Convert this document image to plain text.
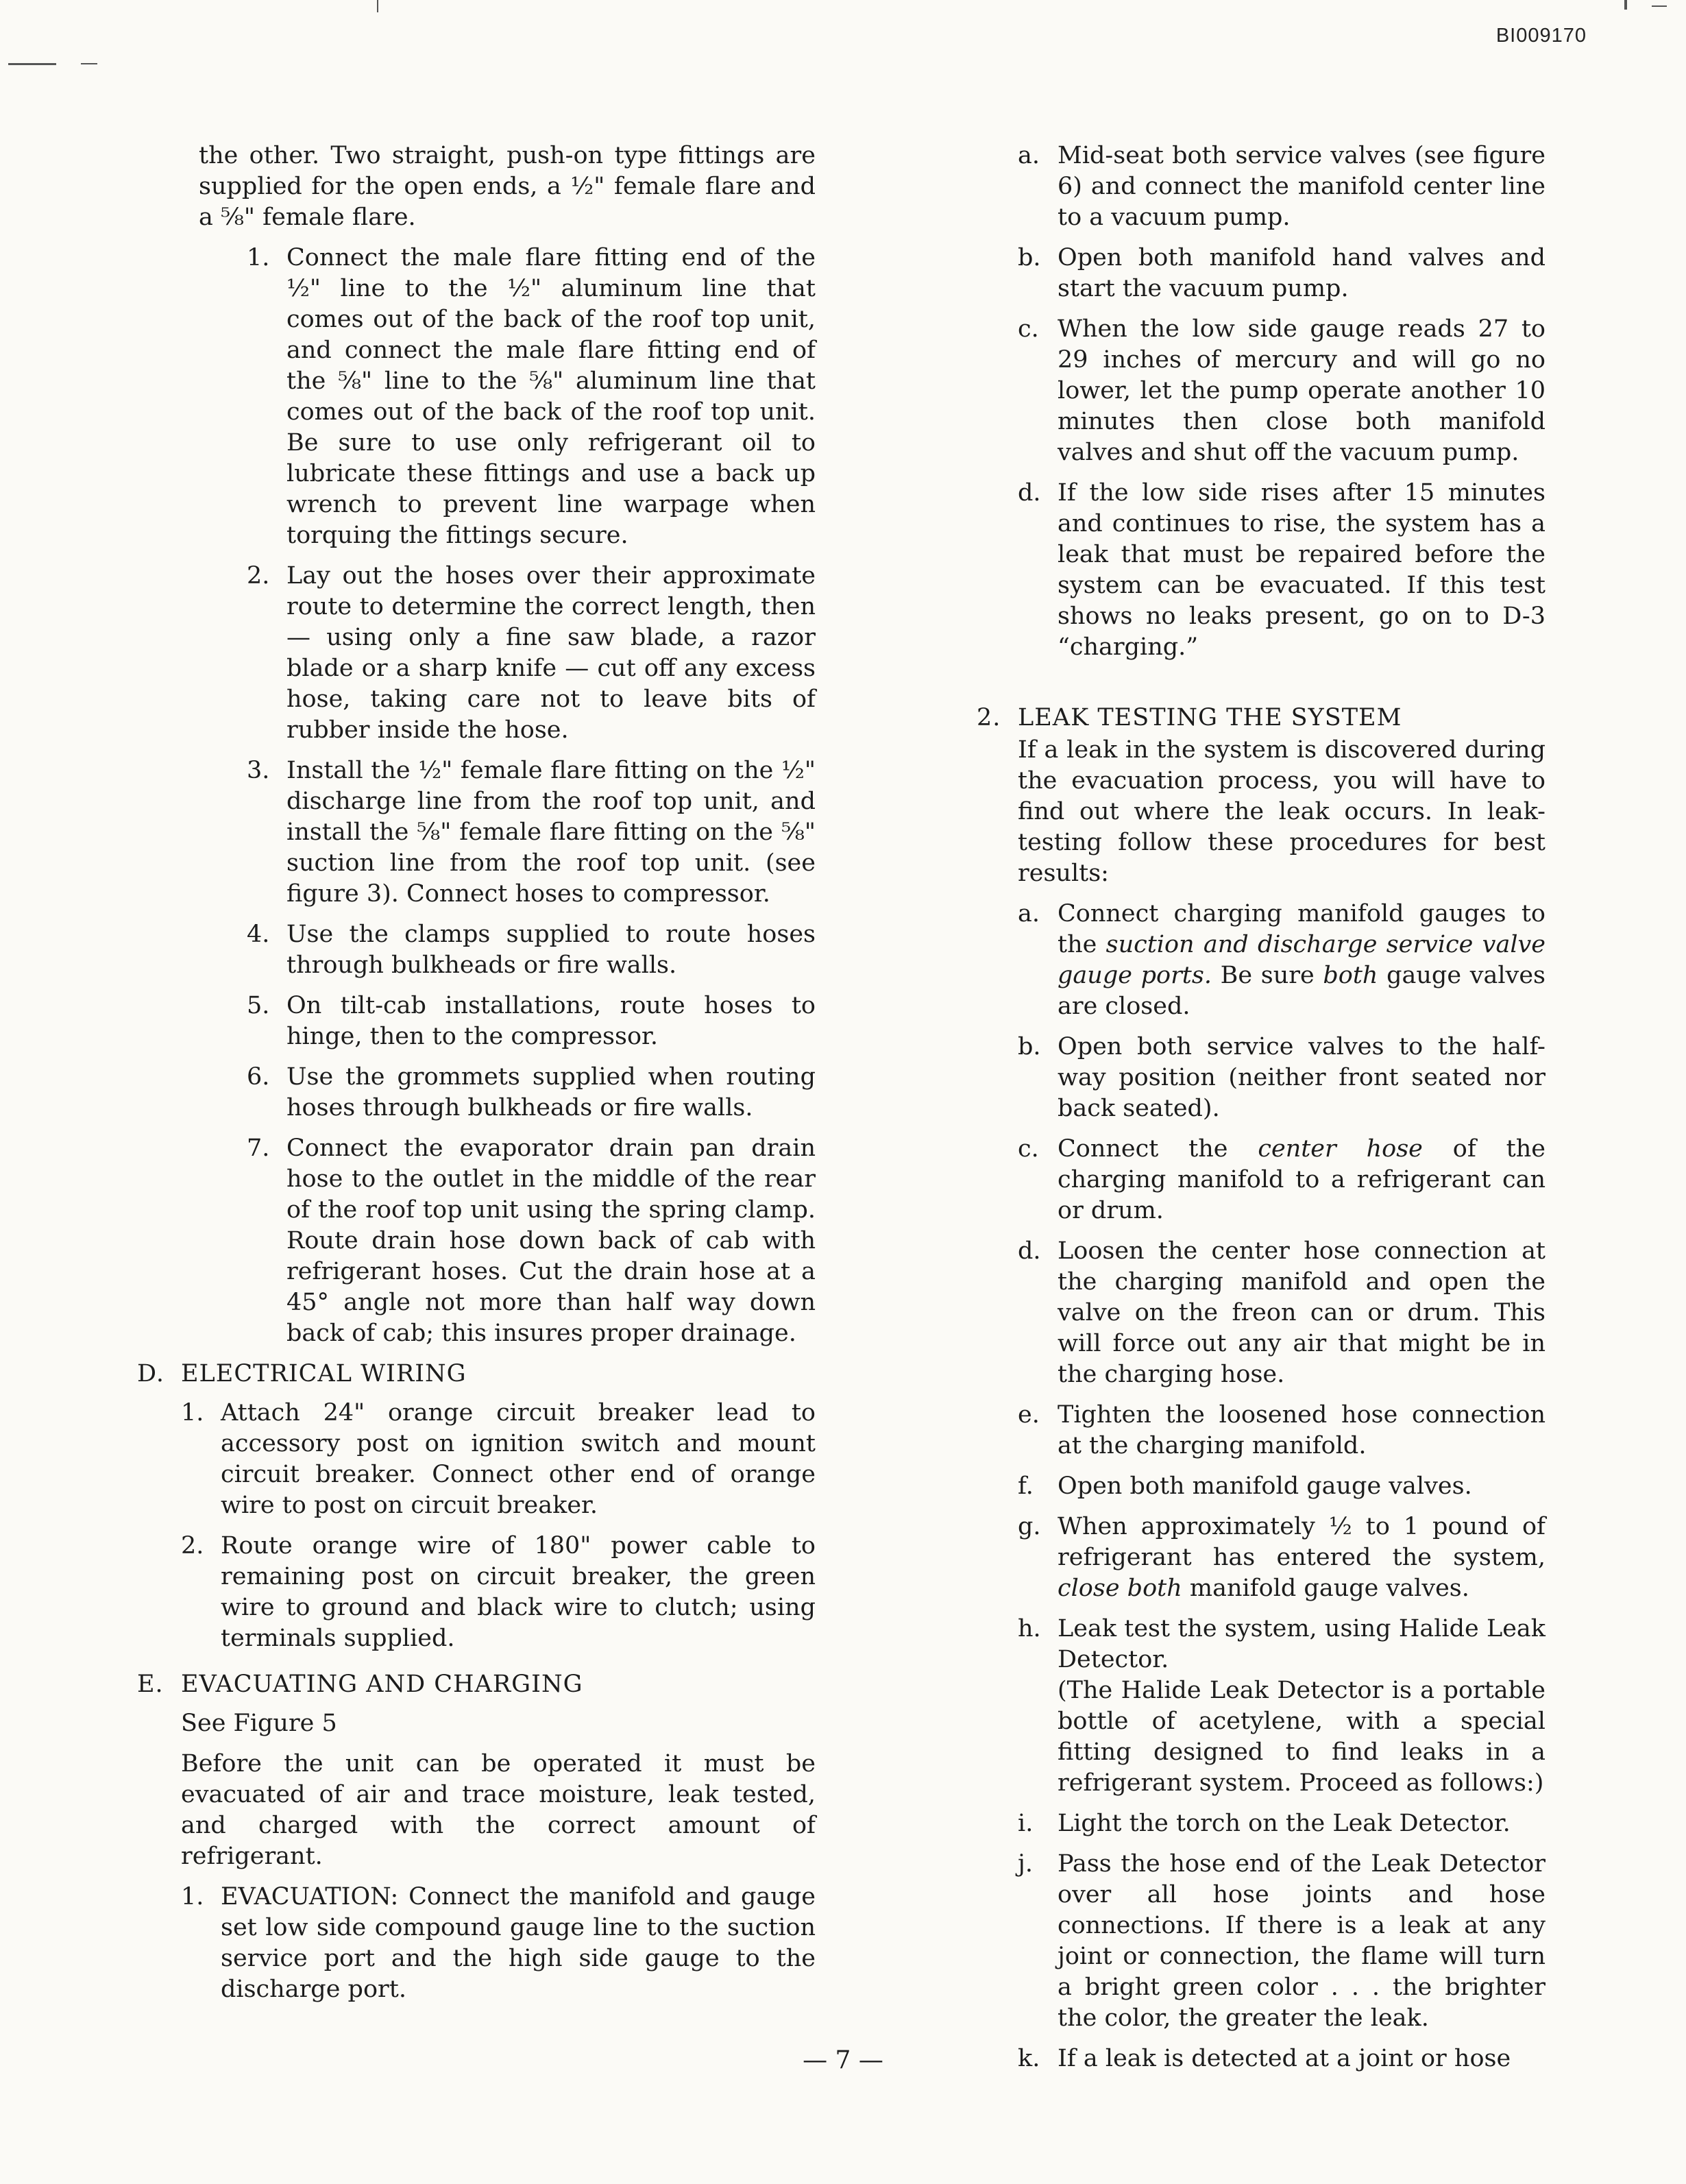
BI009170

the other. Two straight, push-on type fittings are supplied for the open ends, a ½" female flare and a ⅝" female flare.

1. Connect the male flare fitting end of the ½" line to the ½" aluminum line that comes out of the back of the roof top unit, and connect the male flare fitting end of the ⅝" line to the ⅝" aluminum line that comes out of the back of the roof top unit. Be sure to use only refrigerant oil to lubricate these fittings and use a back up wrench to prevent line warpage when torquing the fittings secure.
2. Lay out the hoses over their approximate route to determine the correct length, then — using only a fine saw blade, a razor blade or a sharp knife — cut off any excess hose, taking care not to leave bits of rubber inside the hose.
3. Install the ½" female flare fitting on the ½" discharge line from the roof top unit, and install the ⅝" female flare fitting on the ⅝" suction line from the roof top unit. (see figure 3). Connect hoses to compressor.
4. Use the clamps supplied to route hoses through bulkheads or fire walls.
5. On tilt-cab installations, route hoses to hinge, then to the compressor.
6. Use the grommets supplied when routing hoses through bulkheads or fire walls.
7. Connect the evaporator drain pan drain hose to the outlet in the middle of the rear of the roof top unit using the spring clamp. Route drain hose down back of cab with refrigerant hoses. Cut the drain hose at a 45° angle not more than half way down back of cab; this insures proper drainage.
D. ELECTRICAL WIRING
1. Attach 24" orange circuit breaker lead to accessory post on ignition switch and mount circuit breaker. Connect other end of orange wire to post on circuit breaker.
2. Route orange wire of 180" power cable to remaining post on circuit breaker, the green wire to ground and black wire to clutch; using terminals supplied.
E. EVACUATING AND CHARGING

See Figure 5

Before the unit can be operated it must be evacuated of air and trace moisture, leak tested, and charged with the correct amount of refrigerant.

1. EVACUATION: Connect the manifold and gauge set low side compound gauge line to the suction service port and the high side gauge to the discharge port.
a. Mid-seat both service valves (see figure 6) and connect the manifold center line to a vacuum pump.
b. Open both manifold hand valves and start the vacuum pump.
c. When the low side gauge reads 27 to 29 inches of mercury and will go no lower, let the pump operate another 10 minutes then close both manifold valves and shut off the vacuum pump.
d. If the low side rises after 15 minutes and continues to rise, the system has a leak that must be repaired before the system can be evacuated. If this test shows no leaks present, go on to D-3 “charging.”
2. LEAK TESTING THE SYSTEM

If a leak in the system is discovered during the evacuation process, you will have to find out where the leak occurs. In leak-testing follow these procedures for best results:

a. Connect charging manifold gauges to the suction and discharge service valve gauge ports. Be sure both gauge valves are closed.
b. Open both service valves to the half-way position (neither front seated nor back seated).
c. Connect the center hose of the charging manifold to a refrigerant can or drum.
d. Loosen the center hose connection at the charging manifold and open the valve on the freon can or drum. This will force out any air that might be in the charging hose.
e. Tighten the loosened hose connection at the charging manifold.
f.	Open both manifold gauge valves.
g. When approximately ½ to 1 pound of refrigerant has entered the system, close both manifold gauge valves.
h. Leak test the system, using Halide Leak Detector.
(The Halide Leak Detector is a portable bottle of acetylene, with a special fitting designed to find leaks in a refrigerant system. Proceed as follows:)
i.	Light the torch on the Leak Detector.
j.	Pass the hose end of the Leak Detector over all hose joints and hose connections. If there is a leak at any joint or connection, the flame will turn a bright green color . . . the brighter the color, the greater the leak.
k. If a leak is detected at a joint or hose
— 7 —
